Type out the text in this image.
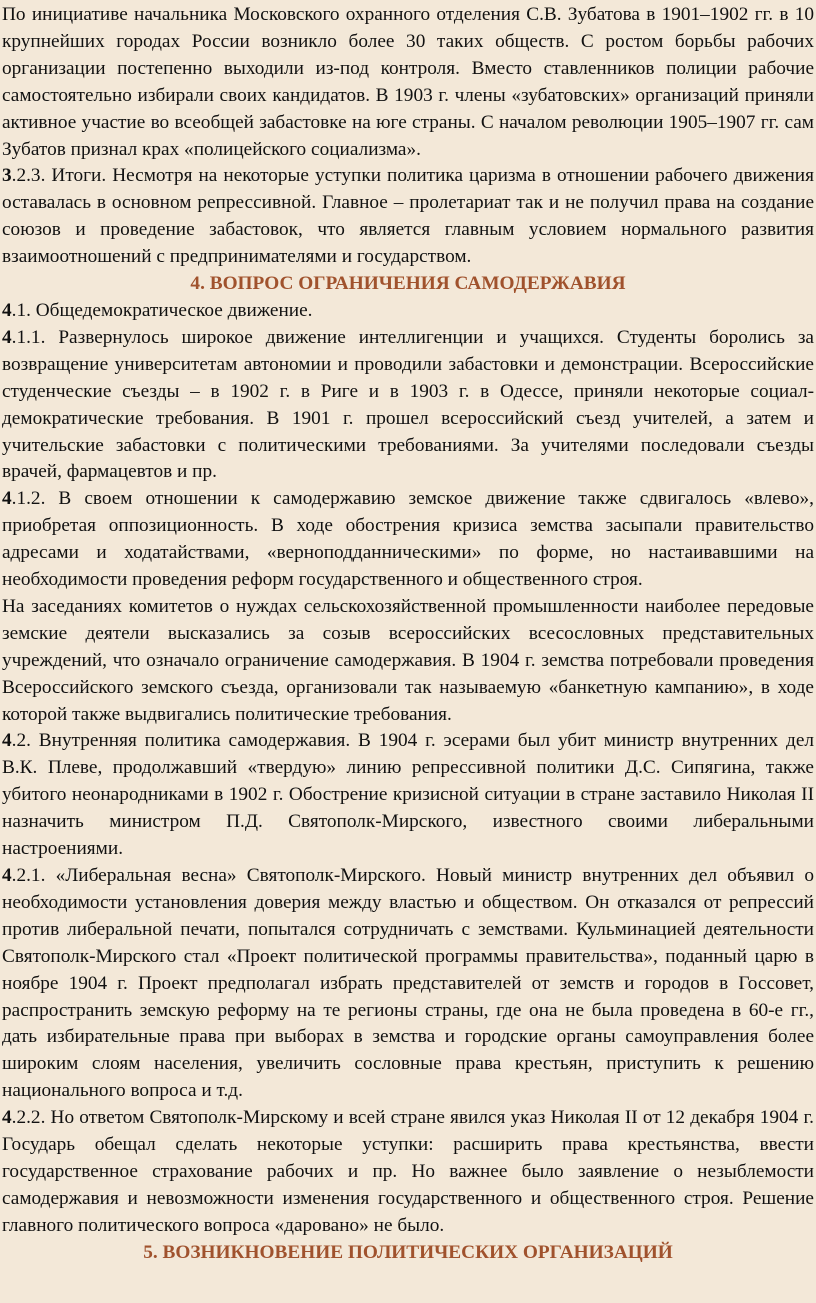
По инициативе начальника Московского охранного отделения С.В. Зубатова в 1901–1902 гг. в 10 крупнейших городах России возникло более 30 таких обществ. С ростом борьбы рабочих организации постепенно выходили из-под контроля. Вместо ставленников полиции рабочие самостоятельно избирали своих кандидатов. В 1903 г. члены «зубатовских» организаций приняли активное участие во всеобщей забастовке на юге страны. С началом революции 1905–1907 гг. сам Зубатов признал крах «полицейского социализма».

3.2.3. Итоги. Несмотря на некоторые уступки политика царизма в отношении рабочего движения оставалась в основном репрессивной. Главное – пролетариат так и не получил права на создание союзов и проведение забастовок, что является главным условием нормального развития взаимоотношений с предпринимателями и государством.

4. ВОПРОС ОГРАНИЧЕНИЯ САМОДЕРЖАВИЯ

4.1. Общедемократическое движение.

4.1.1. Развернулось широкое движение интеллигенции и учащихся. Студенты боролись за возвращение университетам автономии и проводили забастовки и демонстрации. Всероссийские студенческие съезды – в 1902 г. в Риге и в 1903 г. в Одессе, приняли некоторые социал-демократические требования. В 1901 г. прошел всероссийский съезд учителей, а затем и учительские забастовки с политическими требованиями. За учителями последовали съезды врачей, фармацевтов и пр.

4.1.2. В своем отношении к самодержавию земское движение также сдвигалось «влево», приобретая оппозиционность. В ходе обострения кризиса земства засыпали правительство адресами и ходатайствами, «верноподданническими» по форме, но настаивавшими на необходимости проведения реформ государственного и общественного строя.

На заседаниях комитетов о нуждах сельскохозяйственной промышленности наиболее передовые земские деятели высказались за созыв всероссийских всесословных представительных учреждений, что означало ограничение самодержавия. В 1904 г. земства потребовали проведения Всероссийского земского съезда, организовали так называемую «банкетную кампанию», в ходе которой также выдвигались политические требования.

4.2. Внутренняя политика самодержавия. В 1904 г. эсерами был убит министр внутренних дел В.К. Плеве, продолжавший «твердую» линию репрессивной политики Д.С. Сипягина, также убитого неонародниками в 1902 г. Обострение кризисной ситуации в стране заставило Николая II назначить министром П.Д. Святополк-Мирского, известного своими либеральными настроениями.

4.2.1. «Либеральная весна» Святополк-Мирского. Новый министр внутренних дел объявил о необходимости установления доверия между властью и обществом. Он отказался от репрессий против либеральной печати, попытался сотрудничать с земствами. Кульминацией деятельности Святополк-Мирского стал «Проект политической программы правительства», поданный царю в ноябре 1904 г. Проект предполагал избрать представителей от земств и городов в Госсовет, распространить земскую реформу на те регионы страны, где она не была проведена в 60-е гг., дать избирательные права при выборах в земства и городские органы самоуправления более широким слоям населения, увеличить сословные права крестьян, приступить к решению национального вопроса и т.д.

4.2.2. Но ответом Святополк-Мирскому и всей стране явился указ Николая II от 12 декабря 1904 г. Государь обещал сделать некоторые уступки: расширить права крестьянства, ввести государственное страхование рабочих и пр. Но важнее было заявление о незыблемости самодержавия и невозможности изменения государственного и общественного строя. Решение главного политического вопроса «даровано» не было.

5. ВОЗНИКНОВЕНИЕ ПОЛИТИЧЕСКИХ ОРГАНИЗАЦИЙ
